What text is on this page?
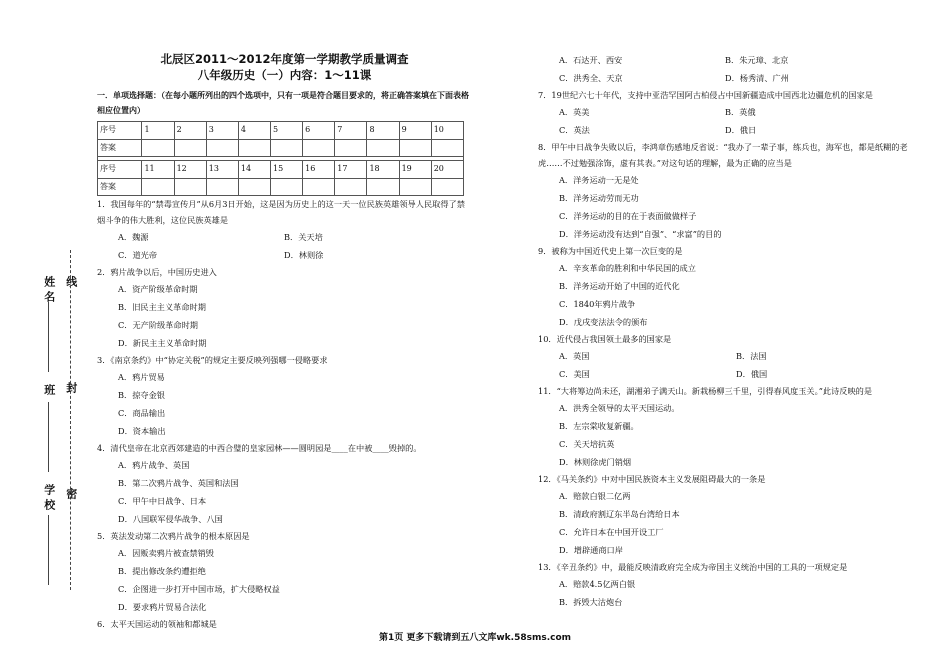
学校
班
姓名
密
封
线
北辰区2011～2012年度第一学期教学质量调查
八年级历史（一）内容：1～11课
一．单项选择题：（在每小题所列出的四个选项中，只有一项是符合题目要求的，将正确答案填在下面表格相应位置内）
序号	1	2	3	4	5	6	7	8	9	10
答案										

序号	11	12	13	14	15	16	17	18	19	20
答案										
1．我国每年的“禁毒宣传月”从6月3日开始，这是因为历史上的这一天一位民族英雄领导人民取得了禁烟斗争的伟大胜利，这位民族英雄是
A．魏源	B．关天培
C．道光帝	D．林则徐
2．鸦片战争以后，中国历史进入
A．资产阶级革命时期
B．旧民主主义革命时期
C．无产阶级革命时期
D．新民主主义革命时期
3．《南京条约》中“协定关税”的规定主要反映列强哪一侵略要求
A．鸦片贸易
B．掠夺金银
C．商品输出
D．资本输出
4．清代皇帝在北京西郊建造的中西合璧的皇家园林——圆明园是____在中被____毁掉的。
A．鸦片战争、英国
B．第二次鸦片战争、英国和法国
C．甲午中日战争、日本
D．八国联军侵华战争、八国
5．英法发动第二次鸦片战争的根本原因是
A．因贩卖鸦片被查禁销毁
B．提出修改条约遭拒绝
C．企图进一步打开中国市场，扩大侵略权益
D．要求鸦片贸易合法化
6．太平天国运动的领袖和都城是
A．石达开、西安	B．朱元璋、北京
C．洪秀全、天京	D．杨秀清、广州
7．19世纪六七十年代，支持中亚浩罕国阿古柏侵占中国新疆造成中国西北边疆危机的国家是
A．英美	B．英俄
C．英法	D．俄日
8．甲午中日战争失败以后，李鸿章伤感地反省说：“我办了一辈子事，练兵也，海军也，都是纸糊的老虎……不过勉强涂饰，虚有其表。”对这句话的理解，最为正确的应当是
A．洋务运动一无是处
B．洋务运动劳而无功
C．洋务运动的目的在于表面做做样子
D．洋务运动没有达到“自强”、“求富”的目的
9．被称为中国近代史上第一次巨变的是
A．辛亥革命的胜利和中华民国的成立
B．洋务运动开始了中国的近代化
C．1840年鸦片战争
D．戊戌变法法令的颁布
10．近代侵占我国领土最多的国家是
A．英国	B．法国
C．美国	D．俄国
11．“大将筹边尚未还，湖湘弟子满天山。新栽杨柳三千里，引得春风度玉关。”此诗反映的是
A．洪秀全领导的太平天国运动。
B．左宗棠收复新疆。
C．关天培抗英
D．林则徐虎门销烟
12．《马关条约》中对中国民族资本主义发展阻碍最大的一条是
A．赔款白银二亿两
B．清政府割辽东半岛台湾给日本
C．允许日本在中国开设工厂
D．增辟通商口岸
13．《辛丑条约》中，最能反映清政府完全成为帝国主义统治中国的工具的一项规定是
A．赔款4.5亿两白银
B．拆毁大沽炮台
第1页 更多下载请到五八文库wk.58sms.com
